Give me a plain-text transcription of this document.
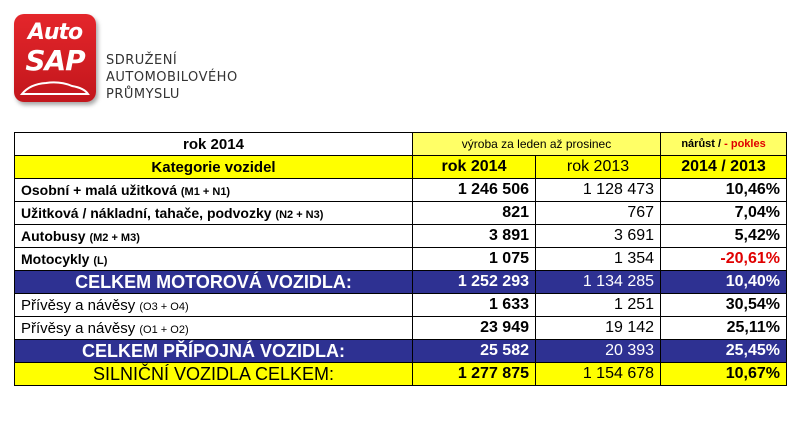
Auto
SAP	SDRUŽENÍ
AUTOMOBILOVÉHO
PRŮMYSLU
rok 2014	výroba za leden až prosinec		nárůst / - pokles
Kategorie vozidel	rok 2014	rok 2013	2014 / 2013
Osobní + malá užitková (M1 + N1)	1 246 506	1 128 473	10,46%
Užitková / nákladní, tahače, podvozky (N2 + N3)	821	767	7,04%
Autobusy (M2 + M3)	3 891	3 691	5,42%
Motocykly (L)	1 075	1 354	-20,61%
CELKEM MOTOROVÁ VOZIDLA:	1 252 293	1 134 285	10,40%
Přívěsy a návěsy (O3 + O4)	1 633	1 251	30,54%
Přívěsy a návěsy (O1 + O2)	23 949	19 142	25,11%
CELKEM PŘÍPOJNÁ VOZIDLA:	25 582	20 393	25,45%
SILNIČNÍ VOZIDLA CELKEM:	1 277 875	1 154 678	10,67%
